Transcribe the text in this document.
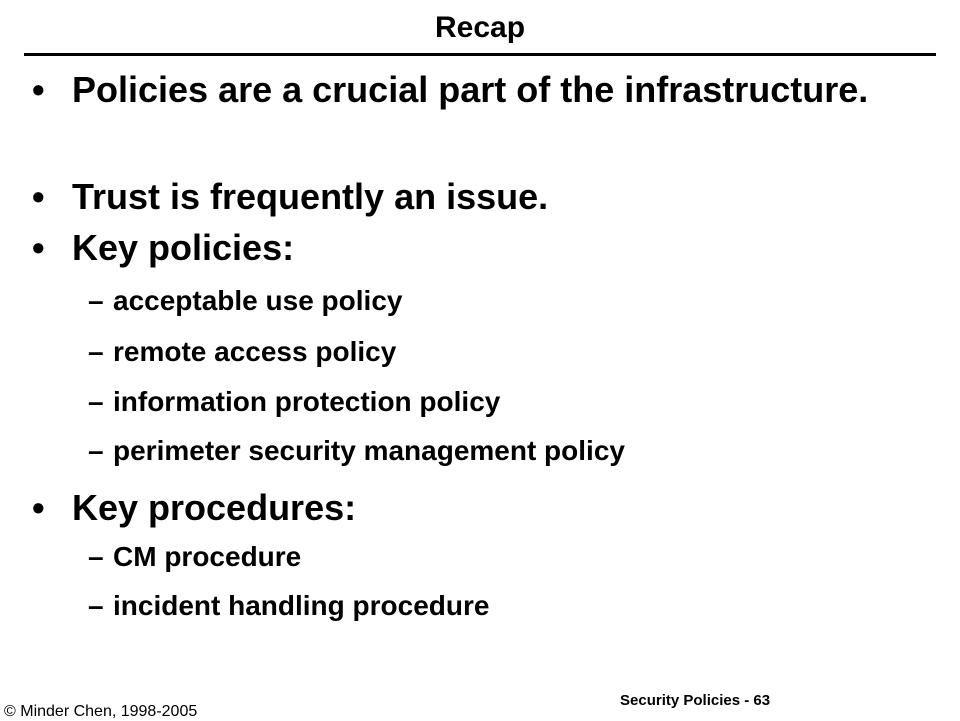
Recap
• Policies are a crucial part of the infrastructure.
• Trust is frequently an issue.
• Key policies:
– acceptable use policy
– remote access policy
– information protection policy
– perimeter security management policy
• Key procedures:
– CM procedure
– incident handling procedure
© Minder Chen, 1998-2005
Security Policies - 63
